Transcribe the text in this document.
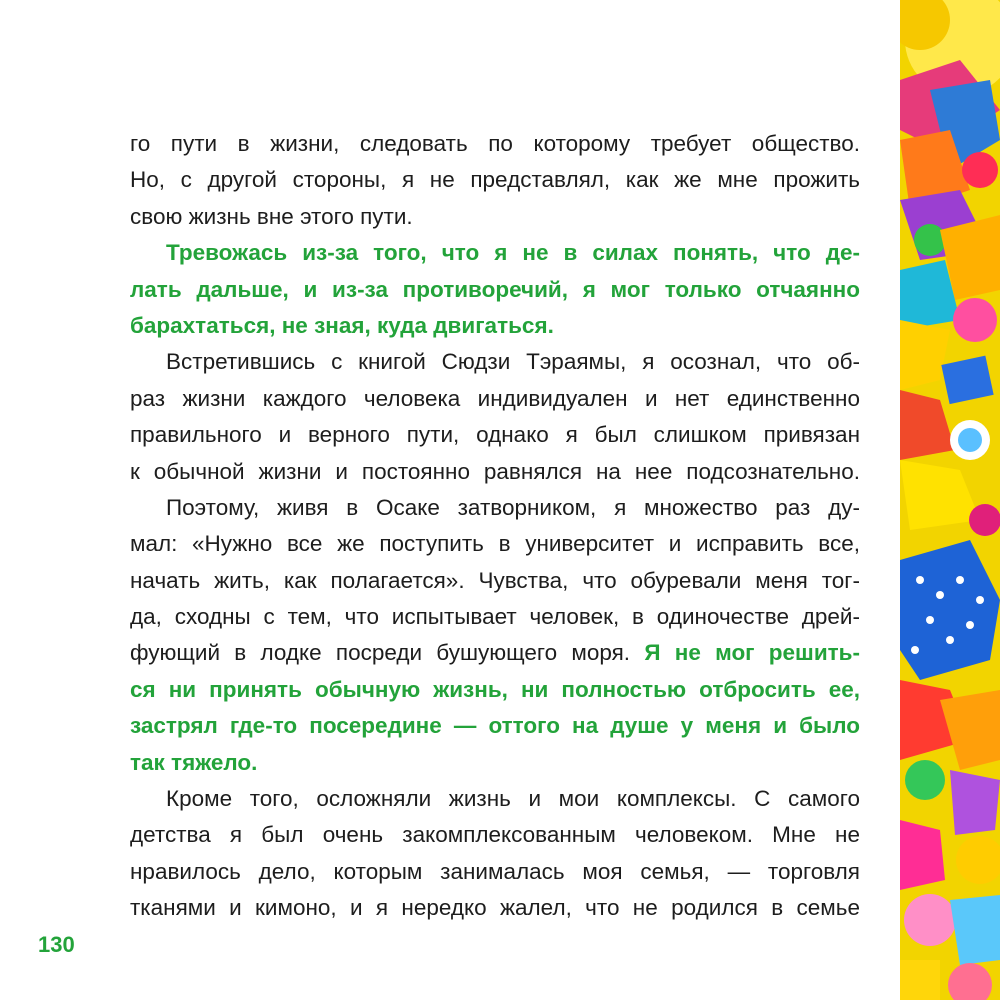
го пути в жизни, следовать по которому требует общество.
Но, с другой стороны, я не представлял, как же мне прожить
свою жизнь вне этого пути.
Тревожась из-за того, что я не в силах понять, что де-
лать дальше, и из-за противоречий, я мог только отчаянно
барахтаться, не зная, куда двигаться.
Встретившись с книгой Сюдзи Тэраямы, я осознал, что об-
раз жизни каждого человека индивидуален и нет единственно
правильного и верного пути, однако я был слишком привязан
к обычной жизни и постоянно равнялся на нее подсознательно.
Поэтому, живя в Осаке затворником, я множество раз ду-
мал: «Нужно все же поступить в университет и исправить все,
начать жить, как полагается». Чувства, что обуревали меня тог-
да, сходны с тем, что испытывает человек, в одиночестве дрей-
фующий в лодке посреди бушующего моря. Я не мог решить-
ся ни принять обычную жизнь, ни полностью отбросить ее,
застрял где-то посередине — оттого на душе у меня и было
так тяжело.
Кроме того, осложняли жизнь и мои комплексы. С самого
детства я был очень закомплексованным человеком. Мне не
нравилось дело, которым занималась моя семья, — торговля
тканями и кимоно, и я нередко жалел, что не родился в семье
130
